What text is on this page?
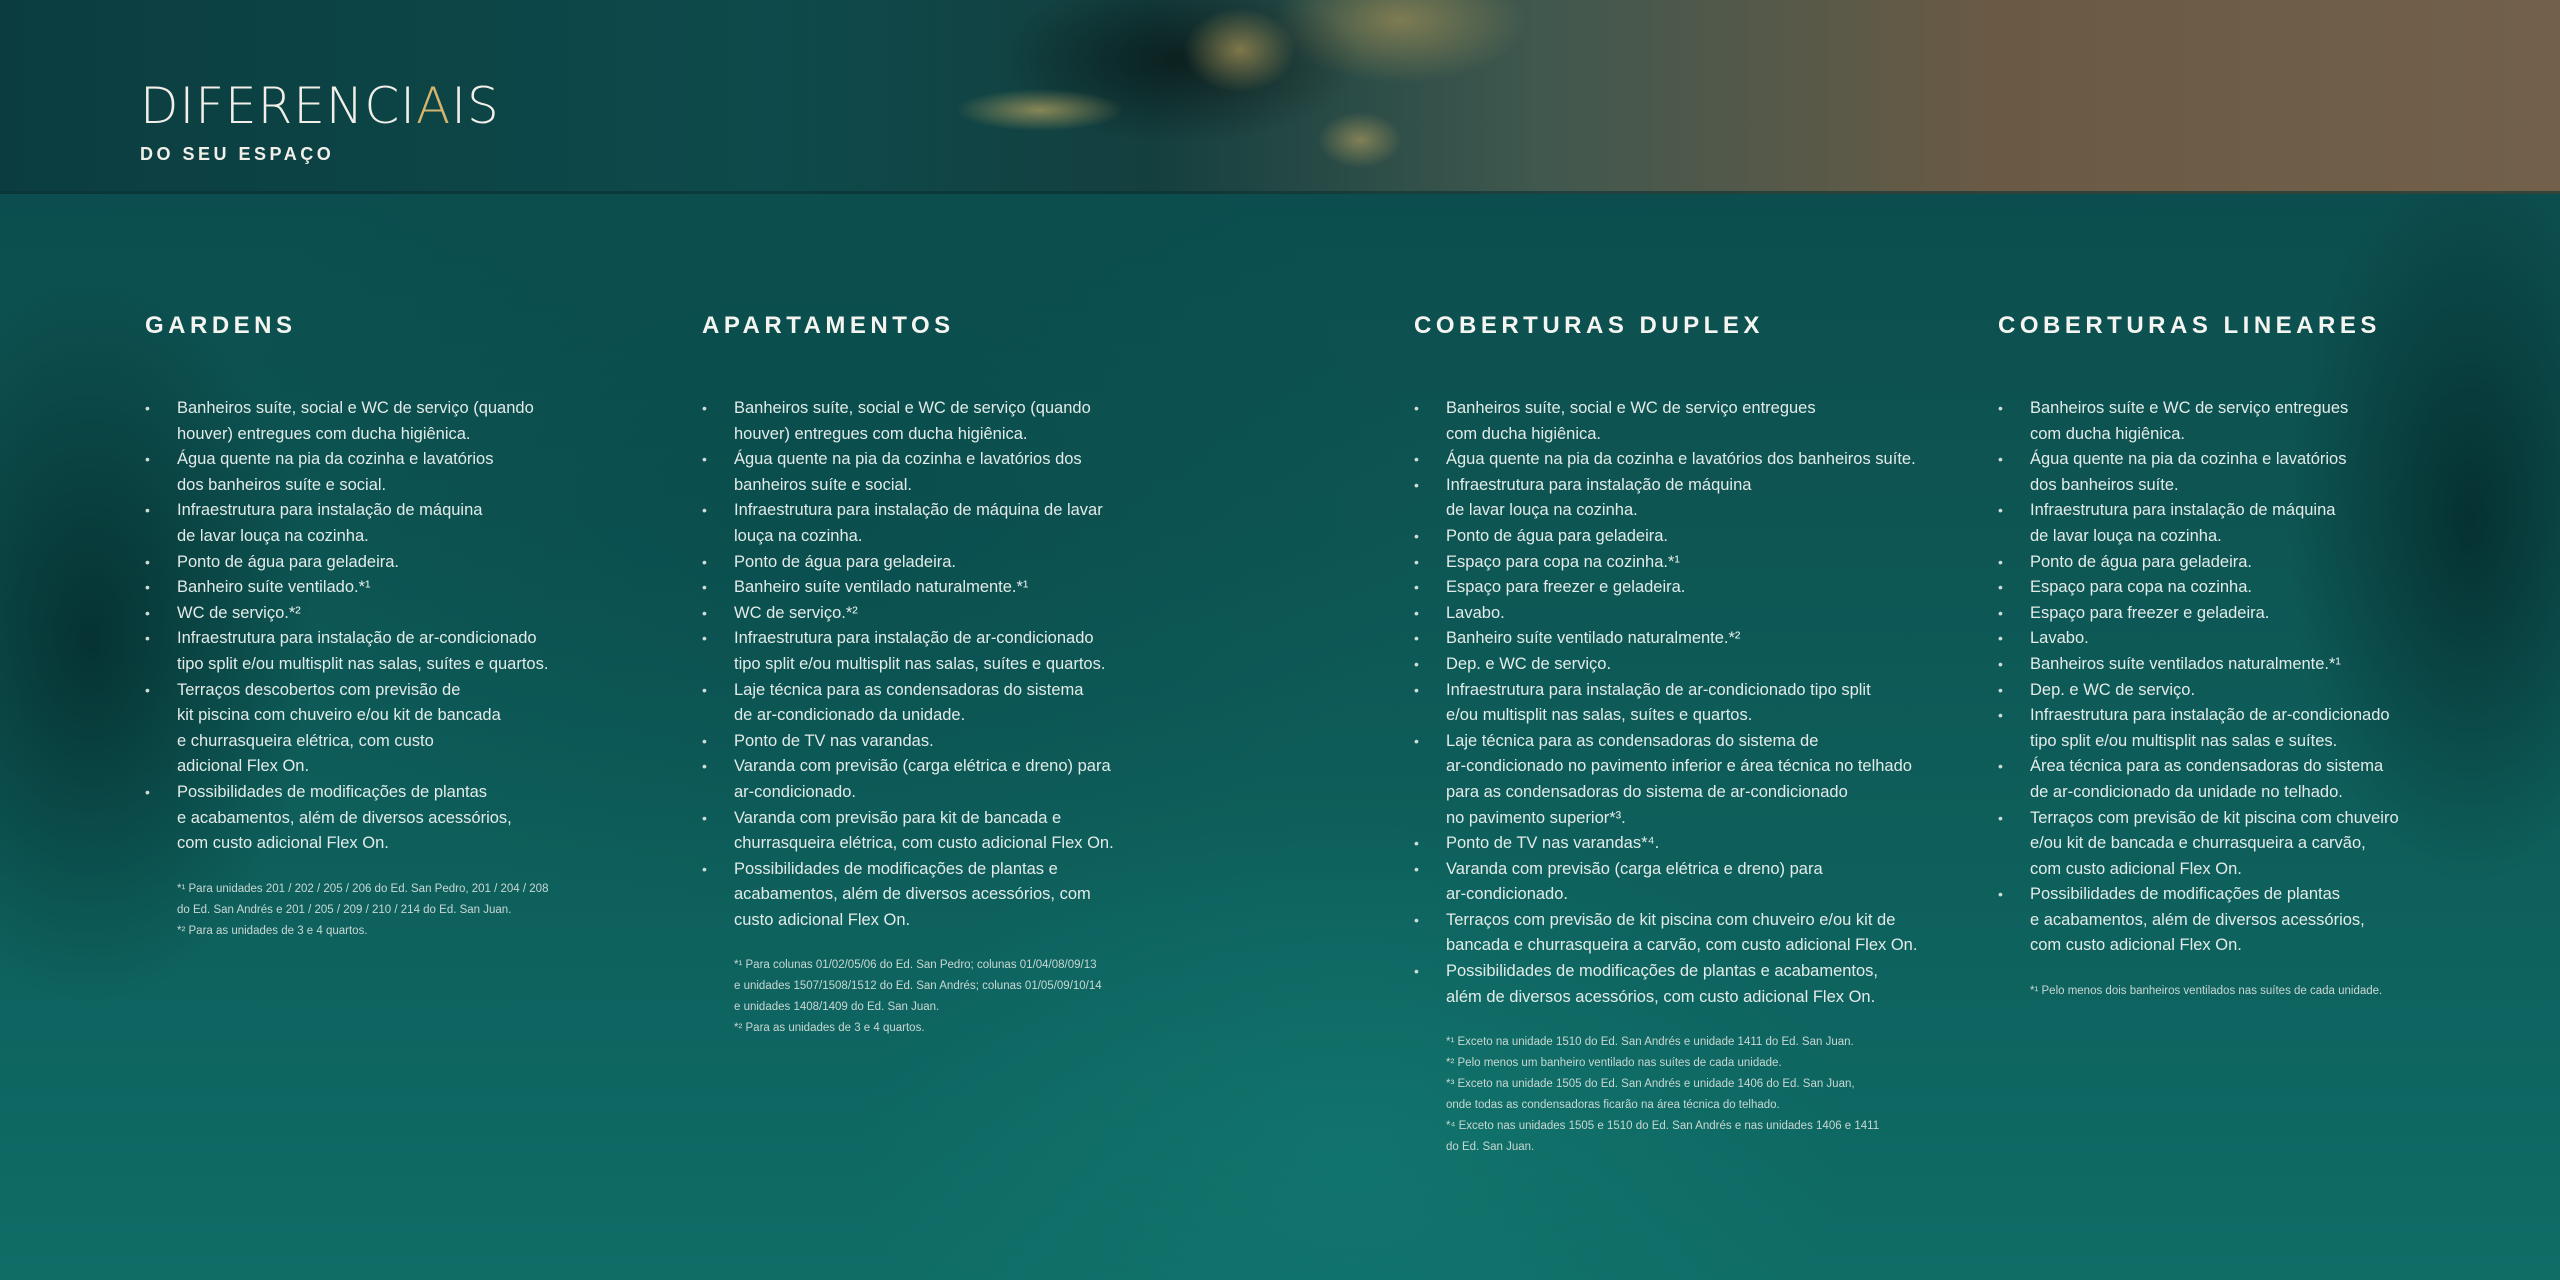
DIFERENCIAIS
DO SEU ESPAÇO
GARDENS
• Banheiros suíte, social e WC de serviço (quando
houver) entregues com ducha higiênica.
• Água quente na pia da cozinha e lavatórios
dos banheiros suíte e social.
• Infraestrutura para instalação de máquina
de lavar louça na cozinha.
• Ponto de água para geladeira.
• Banheiro suíte ventilado.*¹
• WC de serviço.*²
• Infraestrutura para instalação de ar-condicionado
tipo split e/ou multisplit nas salas, suítes e quartos.
• Terraços descobertos com previsão de
kit piscina com chuveiro e/ou kit de bancada
e churrasqueira elétrica, com custo
adicional Flex On.
• Possibilidades de modificações de plantas
e acabamentos, além de diversos acessórios,
com custo adicional Flex On.
*¹ Para unidades 201 / 202 / 205 / 206 do Ed. San Pedro, 201 / 204 / 208
do Ed. San Andrés e 201 / 205 / 209 / 210 / 214 do Ed. San Juan.
*² Para as unidades de 3 e 4 quartos.
APARTAMENTOS
• Banheiros suíte, social e WC de serviço (quando
houver) entregues com ducha higiênica.
• Água quente na pia da cozinha e lavatórios dos
banheiros suíte e social.
• Infraestrutura para instalação de máquina de lavar
louça na cozinha.
• Ponto de água para geladeira.
• Banheiro suíte ventilado naturalmente.*¹
• WC de serviço.*²
• Infraestrutura para instalação de ar-condicionado
tipo split e/ou multisplit nas salas, suítes e quartos.
• Laje técnica para as condensadoras do sistema
de ar-condicionado da unidade.
• Ponto de TV nas varandas.
• Varanda com previsão (carga elétrica e dreno) para
ar-condicionado.
• Varanda com previsão para kit de bancada e
churrasqueira elétrica, com custo adicional Flex On.
• Possibilidades de modificações de plantas e
acabamentos, além de diversos acessórios, com
custo adicional Flex On.
*¹ Para colunas 01/02/05/06 do Ed. San Pedro; colunas 01/04/08/09/13
e unidades 1507/1508/1512 do Ed. San Andrés; colunas 01/05/09/10/14
e unidades 1408/1409 do Ed. San Juan.
*² Para as unidades de 3 e 4 quartos.
COBERTURAS DUPLEX
• Banheiros suíte, social e WC de serviço entregues
com ducha higiênica.
• Água quente na pia da cozinha e lavatórios dos banheiros suíte.
• Infraestrutura para instalação de máquina
de lavar louça na cozinha.
• Ponto de água para geladeira.
• Espaço para copa na cozinha.*¹
• Espaço para freezer e geladeira.
• Lavabo.
• Banheiro suíte ventilado naturalmente.*²
• Dep. e WC de serviço.
• Infraestrutura para instalação de ar-condicionado tipo split
e/ou multisplit nas salas, suítes e quartos.
• Laje técnica para as condensadoras do sistema de
ar-condicionado no pavimento inferior e área técnica no telhado
para as condensadoras do sistema de ar-condicionado
no pavimento superior*³.
• Ponto de TV nas varandas*⁴.
• Varanda com previsão (carga elétrica e dreno) para
ar-condicionado.
• Terraços com previsão de kit piscina com chuveiro e/ou kit de
bancada e churrasqueira a carvão, com custo adicional Flex On.
• Possibilidades de modificações de plantas e acabamentos,
além de diversos acessórios, com custo adicional Flex On.
*¹ Exceto na unidade 1510 do Ed. San Andrés e unidade 1411 do Ed. San Juan.
*² Pelo menos um banheiro ventilado nas suítes de cada unidade.
*³ Exceto na unidade 1505 do Ed. San Andrés e unidade 1406 do Ed. San Juan,
onde todas as condensadoras ficarão na área técnica do telhado.
*⁴ Exceto nas unidades 1505 e 1510 do Ed. San Andrés e nas unidades 1406 e 1411
do Ed. San Juan.
COBERTURAS LINEARES
• Banheiros suíte e WC de serviço entregues
com ducha higiênica.
• Água quente na pia da cozinha e lavatórios
dos banheiros suíte.
• Infraestrutura para instalação de máquina
de lavar louça na cozinha.
• Ponto de água para geladeira.
• Espaço para copa na cozinha.
• Espaço para freezer e geladeira.
• Lavabo.
• Banheiros suíte ventilados naturalmente.*¹
• Dep. e WC de serviço.
• Infraestrutura para instalação de ar-condicionado
tipo split e/ou multisplit nas salas e suítes.
• Área técnica para as condensadoras do sistema
de ar-condicionado da unidade no telhado.
• Terraços com previsão de kit piscina com chuveiro
e/ou kit de bancada e churrasqueira a carvão,
com custo adicional Flex On.
• Possibilidades de modificações de plantas
e acabamentos, além de diversos acessórios,
com custo adicional Flex On.
*¹ Pelo menos dois banheiros ventilados nas suítes de cada unidade.
